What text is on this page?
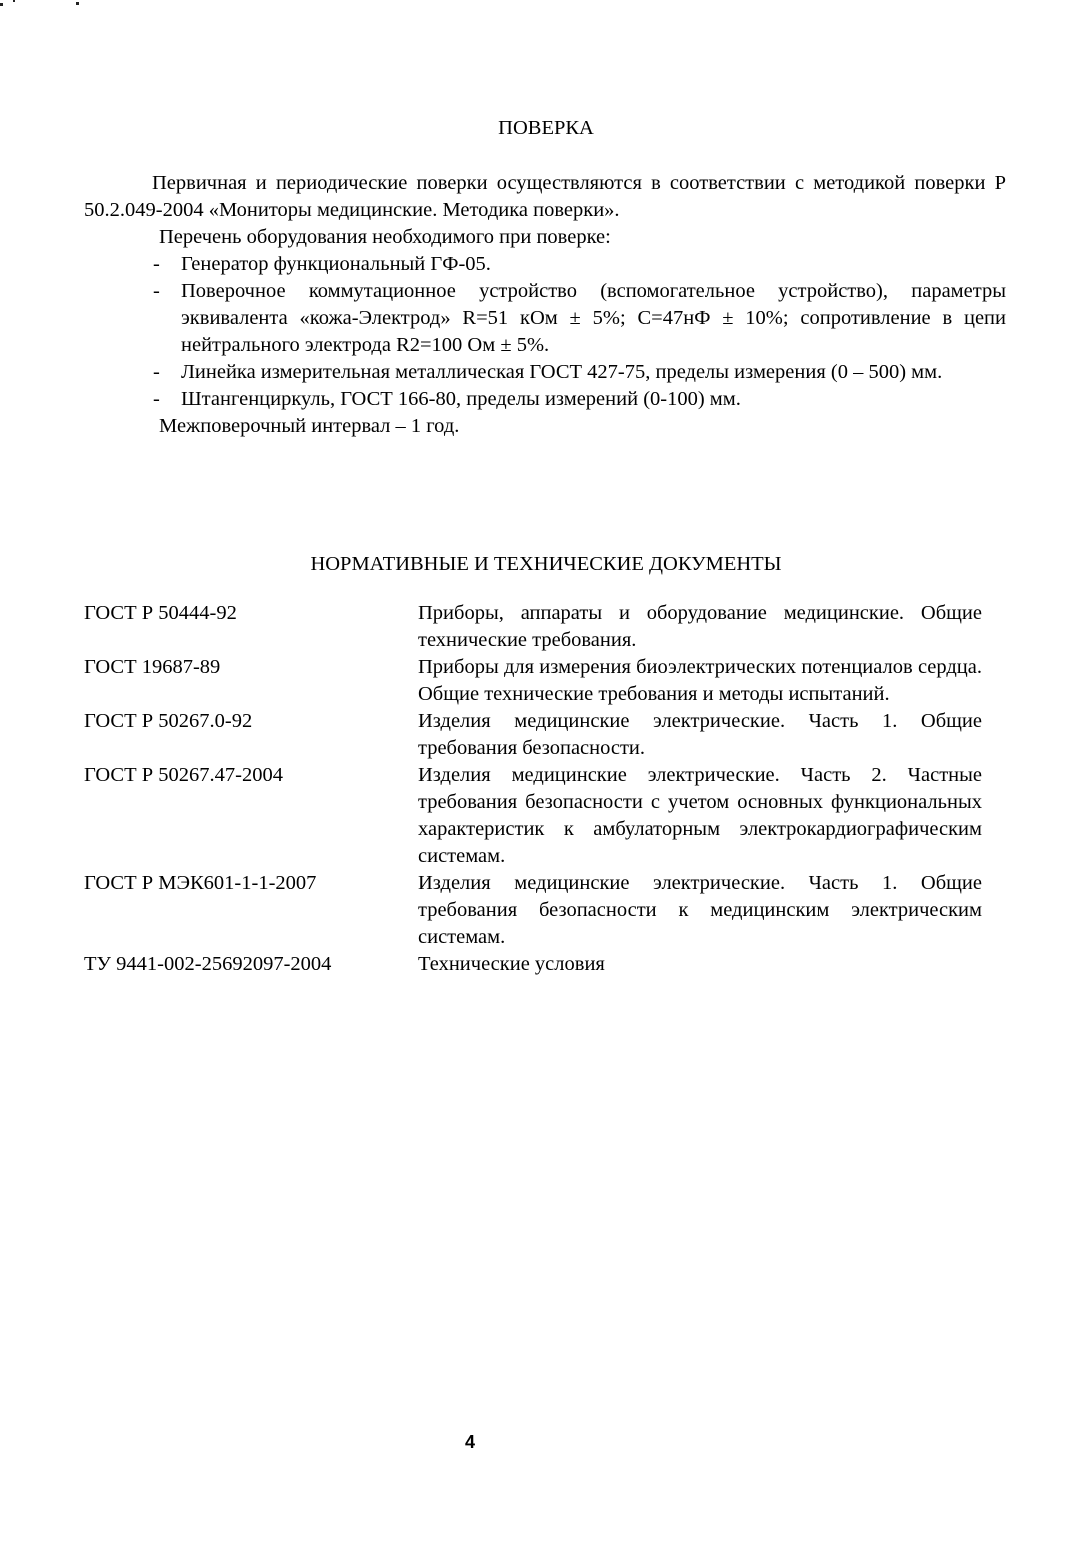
ПОВЕРКА

Первичная и периодические поверки осуществляются в соответствии с методикой поверки Р 50.2.049-2004 «Мониторы медицинские. Методика поверки».

Перечень оборудования необходимого при поверке:

- Генератор функциональный ГФ-05.
- Поверочное коммутационное устройство (вспомогательное устройство), параметры эквивалента «кожа-Электрод» R=51 кОм ± 5%; С=47нФ ± 10%; сопротивление в цепи нейтрального электрода R2=100 Ом ± 5%.
- Линейка измерительная металлическая ГОСТ 427-75, пределы измерения (0 – 500) мм.
- Штангенциркуль, ГОСТ 166-80, пределы измерений (0-100) мм.

Межповерочный интервал – 1 год.

НОРМАТИВНЫЕ И ТЕХНИЧЕСКИЕ ДОКУМЕНТЫ
ГОСТ Р 50444-92	Приборы, аппараты и оборудование медицинские. Общие технические требования.
ГОСТ 19687-89	Приборы для измерения биоэлектрических потенциалов сердца. Общие технические требования и методы испытаний.
ГОСТ Р 50267.0-92	Изделия медицинские электрические. Часть 1. Общие требования безопасности.
ГОСТ Р 50267.47-2004	Изделия медицинские электрические. Часть 2. Частные требования безопасности с учетом основных функциональных характеристик к амбулаторным электрокардиографическим системам.
ГОСТ Р МЭК601-1-1-2007	Изделия медицинские электрические. Часть 1. Общие требования безопасности к медицинским электрическим системам.
ТУ 9441-002-25692097-2004	Технические условия
4
